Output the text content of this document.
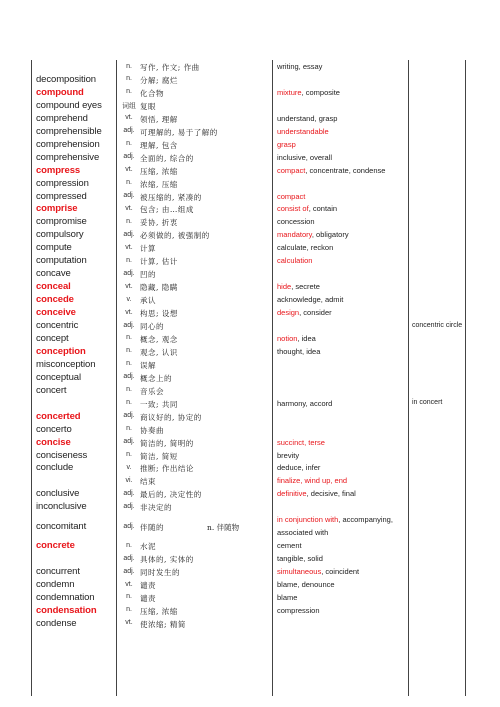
n.	写作, 作文; 作曲	writing, essay
decomposition	n.	分解; 腐烂
compound	n.	化合物	mixture, composite
compound eyes	词组 复眼
comprehend	vt. 领悟, 理解	understand, grasp
comprehensible	adj. 可理解的, 易于了解的	understandable
comprehension	n.	理解, 包含	grasp
comprehensive	adj. 全面的, 综合的	inclusive, overall
compress	vt. 压缩, 浓缩	compact, concentrate, condense
compression	n.	浓缩, 压缩
compressed	adj. 被压缩的, 紧凑的	compact
comprise	vt. 包含; 由…组成	consist of, contain
compromise	n.	妥协, 折衷	concession
compulsory	adj. 必须做的, 被强制的	mandatory, obligatory
compute	vt. 计算	calculate, reckon
computation	n.	计算, 估计	calculation
concave	adj. 凹的
conceal	vt. 隐藏, 隐瞒	hide, secrete
concede	v.	承认	acknowledge, admit
conceive	vt. 构思; 设想	design, consider
concentric	adj. 同心的	concentric circle
concept	n.	概念, 观念	notion, idea
conception	n.	观念, 认识	thought, idea
misconception	n.	误解
conceptual	adj. 概念上的
concert	n.	音乐会
n.	一致; 共同	harmony, accord	in concert
concerted	adj. 商议好的, 协定的
concerto	n.	协奏曲
concise	adj. 简洁的, 简明的	succinct, terse
conciseness	n.	简洁, 简短	brevity
conclude	v.	推断; 作出结论	deduce, infer
vi.	结束	finalize, wind up, end
conclusive	adj. 最后的, 决定性的	definitive, decisive, final
inconclusive	adj. 非决定的
concomitant	adj. 伴随的	n. 伴随物
in conjunction with, accompanying,
associated with
concrete	n.	水泥	cement
adj. 具体的, 实体的	tangible, solid
concurrent	adj. 同时发生的	simultaneous, coincident
condemn	vt. 谴责	blame, denounce
condemnation	n.	谴责	blame
condensation	n.	压缩, 浓缩	compression
condense	vt. 使浓缩; 精简
